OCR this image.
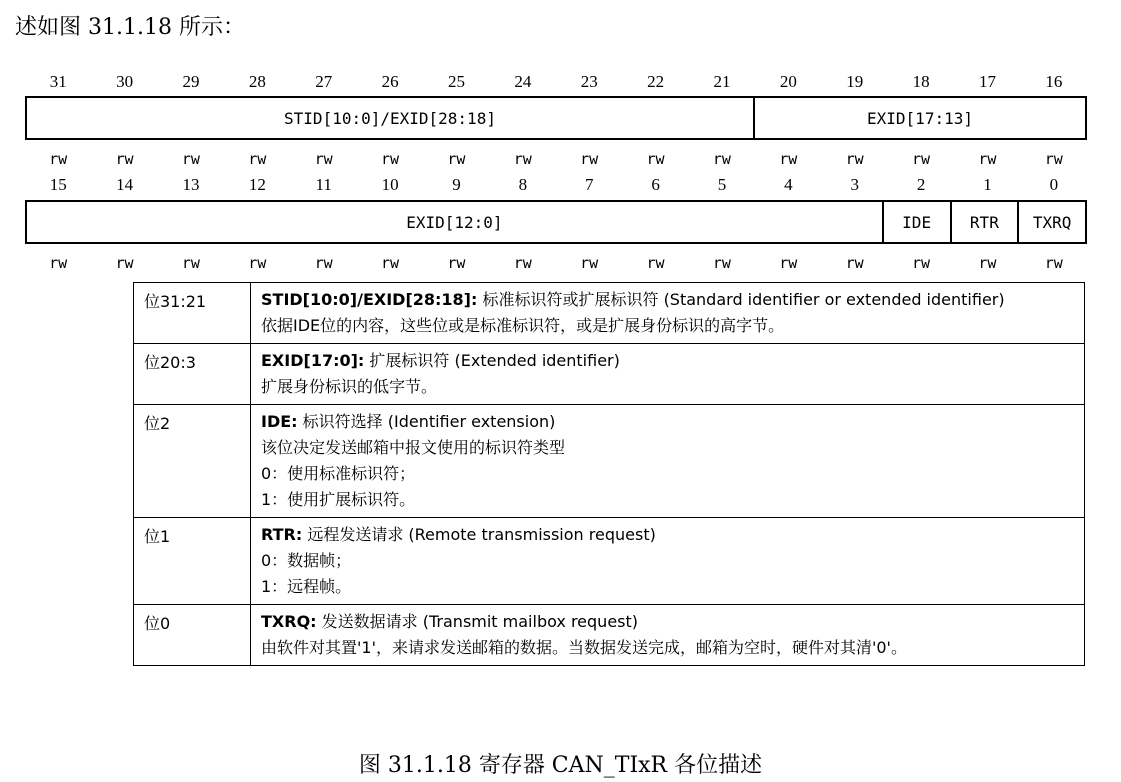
述如图 31.1.18 所示：
31	30	29	28	27	26	25	24	23	22	21	20	19	18	17	16
STID[10:0]/EXID[28:18]	EXID[17:13]
rw	rw	rw	rw	rw	rw	rw	rw	rw	rw	rw	rw	rw	rw	rw	rw
15	14	13	12	11	10	9	8	7	6	5	4	3	2	1	0
EXID[12:0]	IDE	RTR	TXRQ
rw	rw	rw	rw	rw	rw	rw	rw	rw	rw	rw	rw	rw	rw	rw	rw
位31:21	STID[10:0]/EXID[28:18]: 标准标识符或扩展标识符 (Standard identifier or extended identifier)
依据IDE位的内容，这些位或是标准标识符，或是扩展身份标识的高字节。

位20:3	EXID[17:0]: 扩展标识符 (Extended identifier)
扩展身份标识的低字节。

位2	IDE: 标识符选择 (Identifier extension)
该位决定发送邮箱中报文使用的标识符类型
0：使用标准标识符；
1：使用扩展标识符。

位1	RTR: 远程发送请求 (Remote transmission request)
0：数据帧；
1：远程帧。

位0	TXRQ: 发送数据请求 (Transmit mailbox request)
由软件对其置'1'，来请求发送邮箱的数据。当数据发送完成，邮箱为空时，硬件对其清'0'。
图 31.1.18 寄存器 CAN_TIxR 各位描述
